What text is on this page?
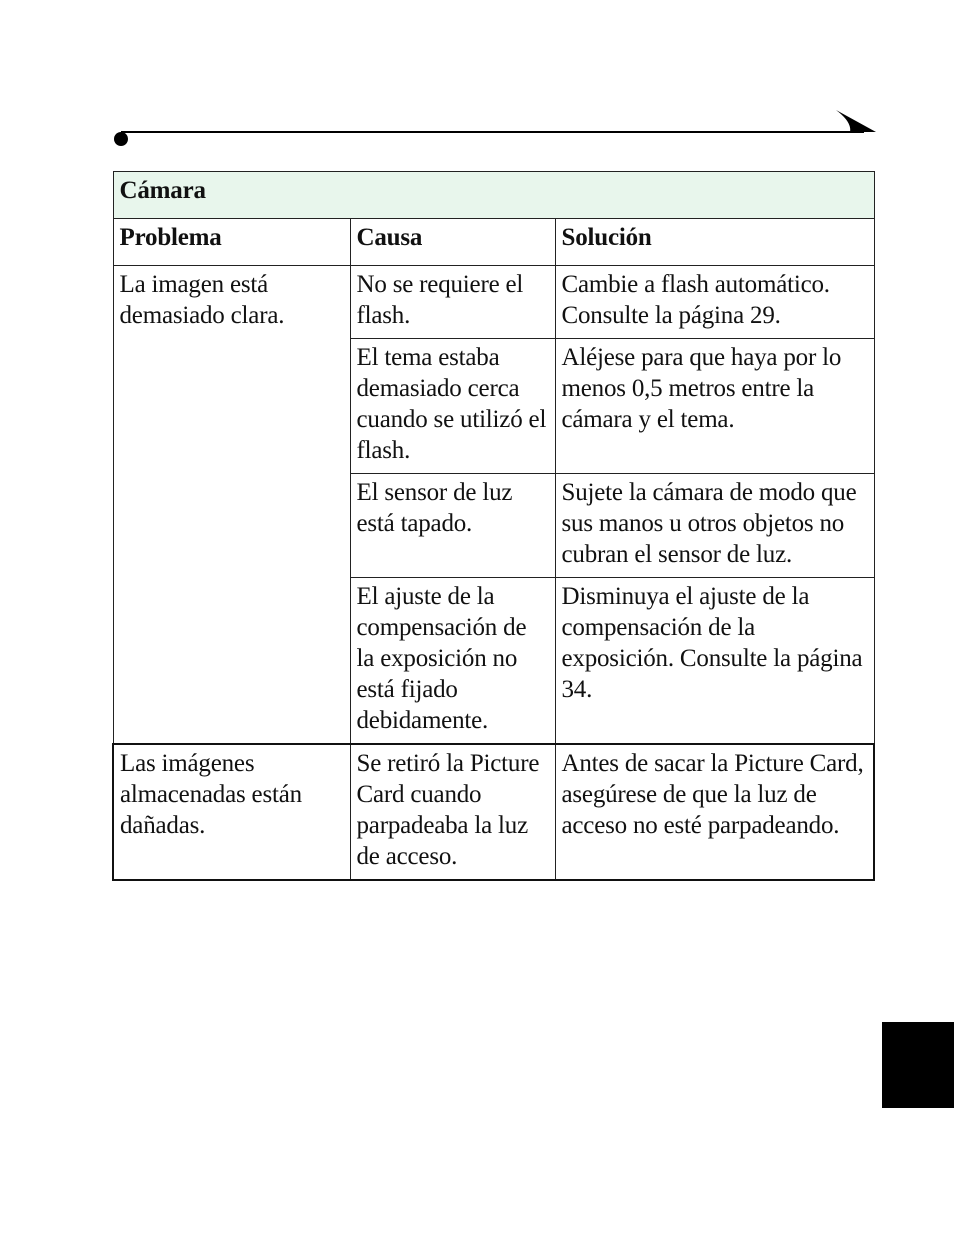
Cámara		
Problema	Causa	Solución
La imagen está demasiado clara.	No se requiere el flash.	Cambie a flash automático. Consulte la página 29.
	El tema estaba demasiado cerca cuando se utilizó el flash.	Aléjese para que haya por lo menos 0,5 metros entre la cámara y el tema.
	El sensor de luz está tapado.	Sujete la cámara de modo que sus manos u otros objetos no cubran el sensor de luz.
	El ajuste de la compensación de la exposición no está fijado debidamente.	Disminuya el ajuste de la compensación de la exposición. Consulte la página 34.
Las imágenes almacenadas están dañadas.	Se retiró la Picture Card cuando parpadeaba la luz de acceso.	Antes de sacar la Picture Card, asegúrese de que la luz de acceso no esté parpadeando.
